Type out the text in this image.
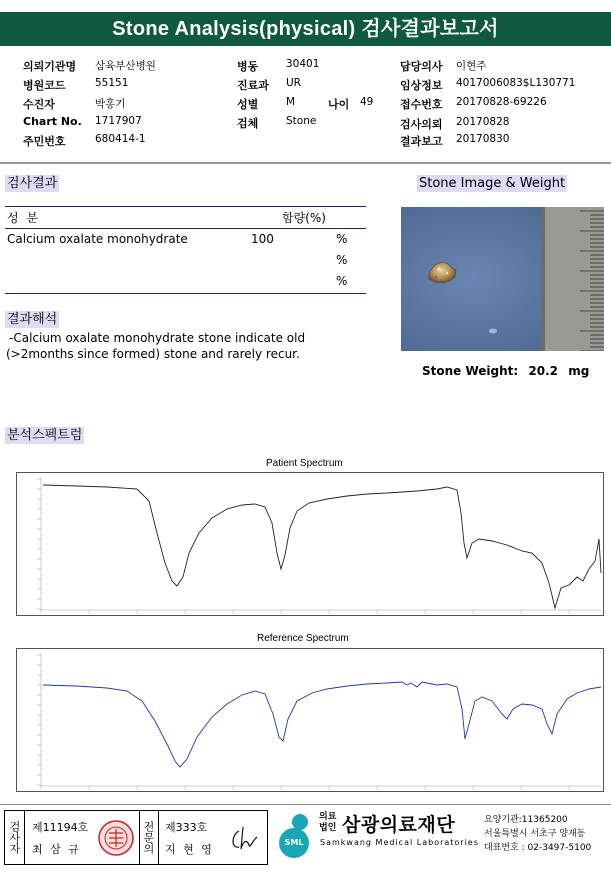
Stone Analysis(physical) 검사결과보고서
의뢰기관명 삼육부산병원
병원코드	55151
수진자	박홍기
Chart No. 1717907
주민번호	680414-1
병동	30401
진료과 UR
성별	M	나이 49
검체	Stone
담당의사 이현주
임상정보 4017006083$L130771
접수번호 20170828-69226
검사의뢰 20170828
결과보고 20170830
검사결과
성 분	함량(%)
Calcium oxalate monohydrate	100	%
%
%
결과해석
-Calcium oxalate monohydrate stone indicate old
(>2months since formed) stone and rarely recur.
Stone Image & Weight
Stone Weight: 20.2 mg
분석스펙트럼
Patient Spectrum
Reference Spectrum
검사자	제11194호
최 삼 규	전문의 제333호
지 현 영
SML
의료
법인 삼광의료재단
Samkwang Medical Laboratories
요양기관:11365200
서울특별시 서초구 양재동
대표번호 : 02-3497-5100
